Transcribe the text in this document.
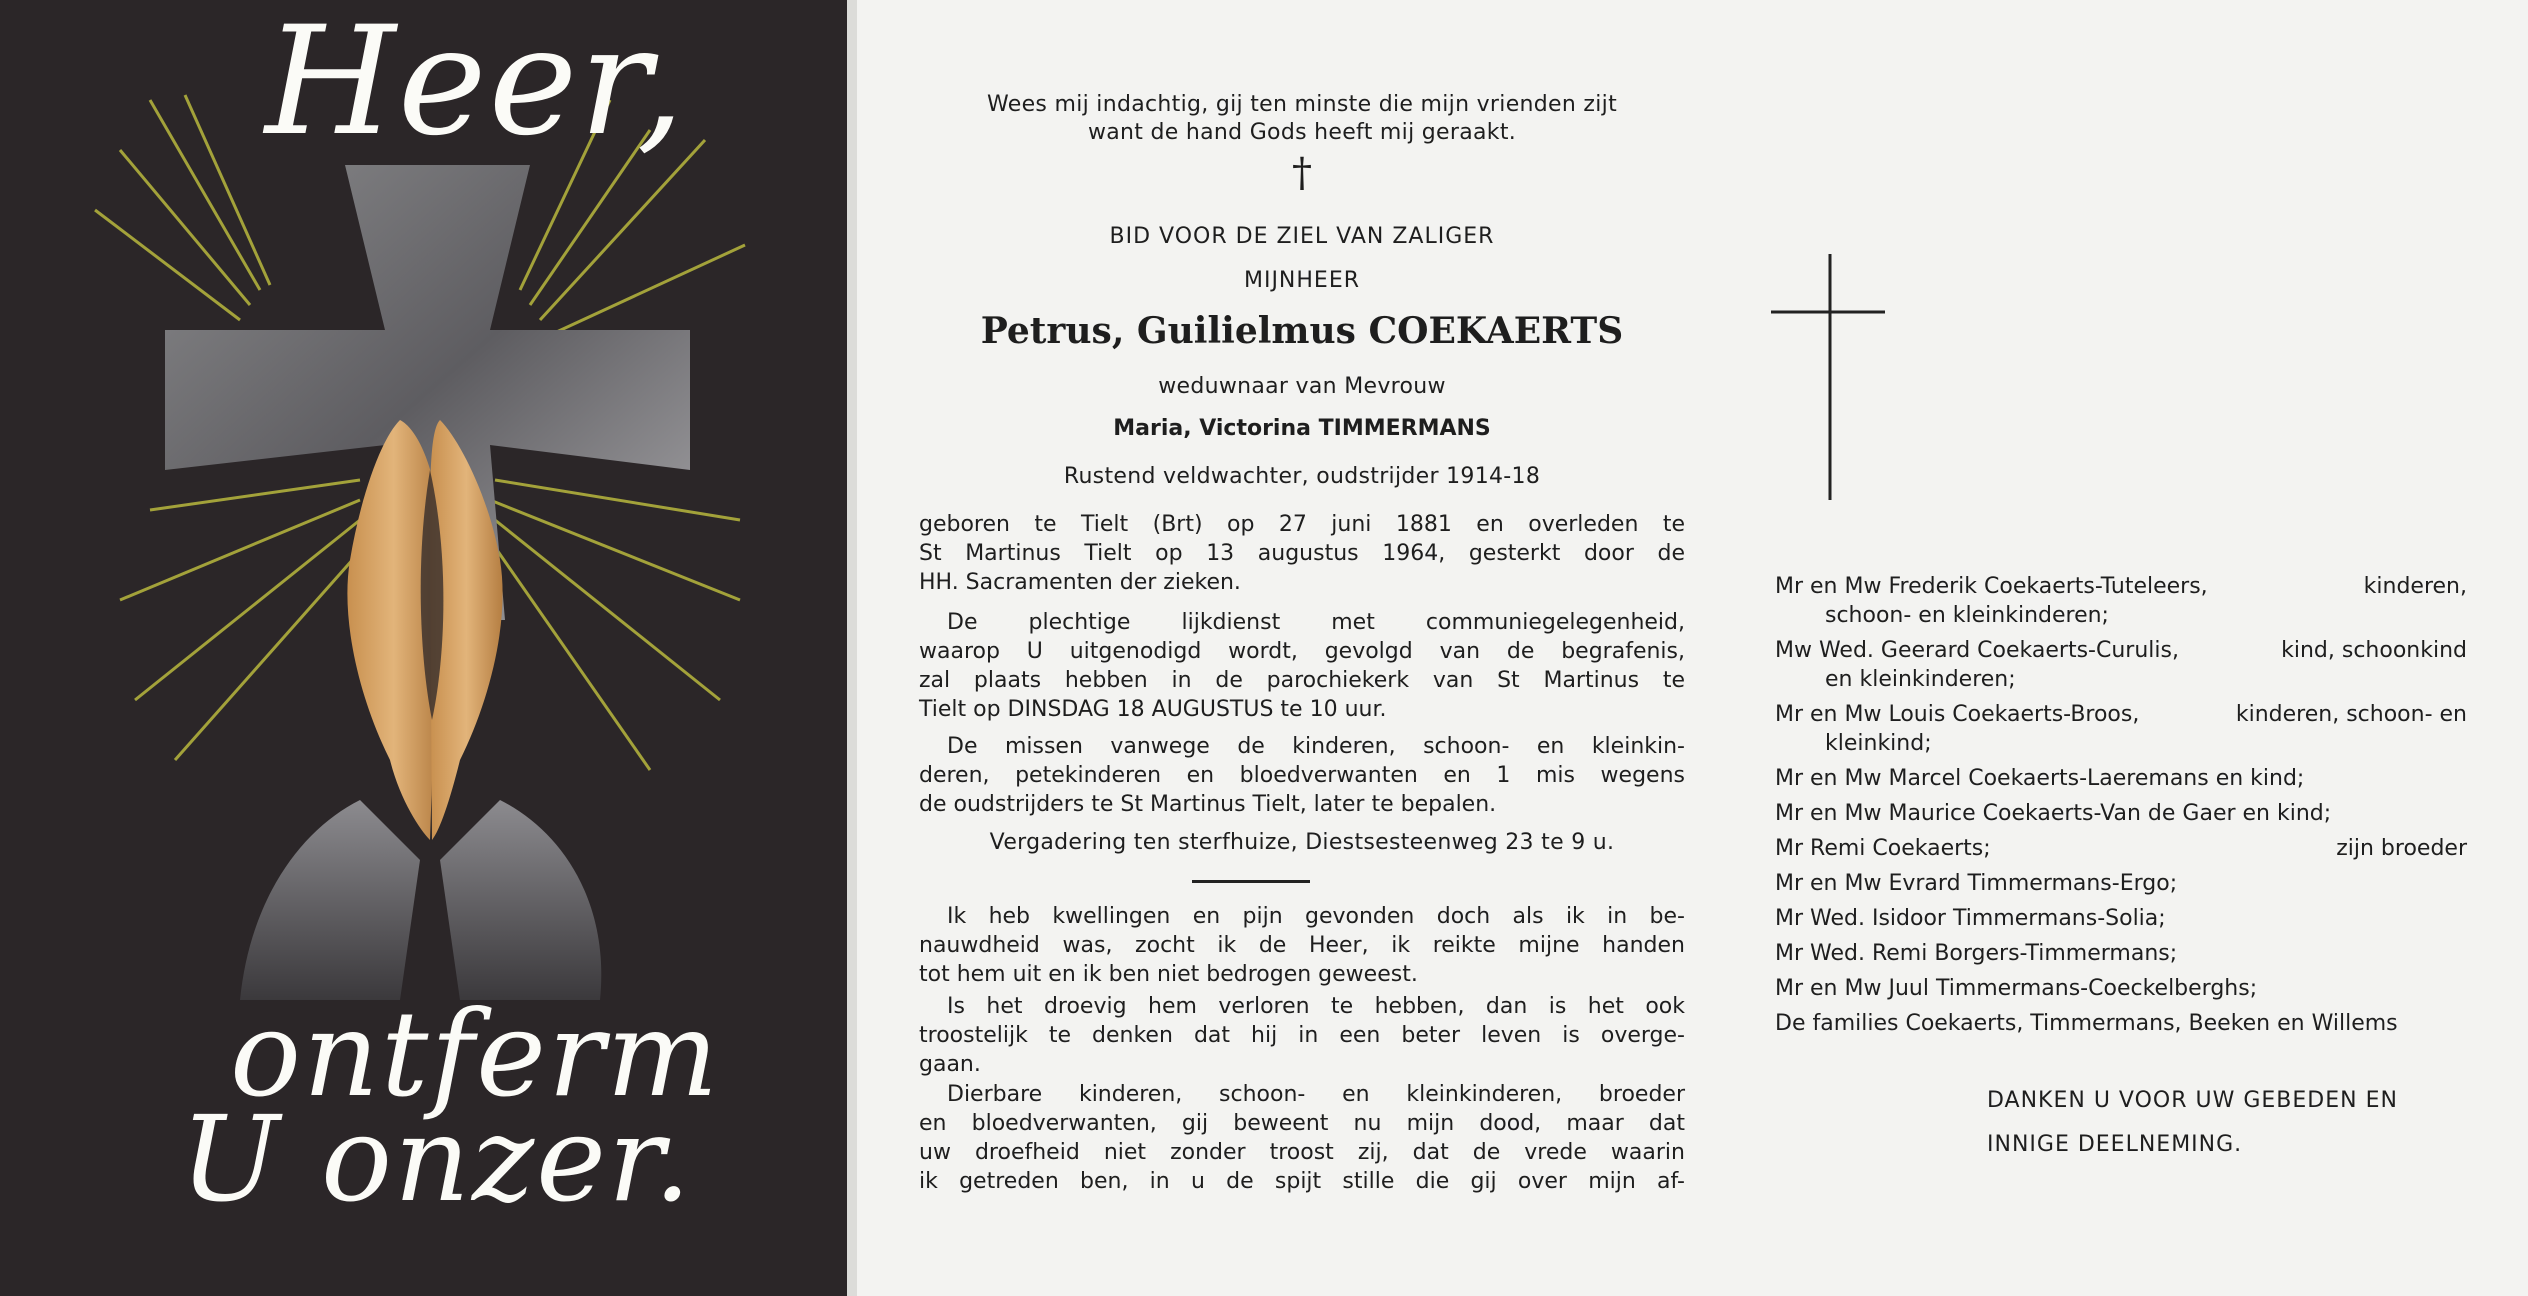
Heer,
ontferm
U onzer.
Wees mij indachtig, gij ten minste die mijn vrienden zijt
want de hand Gods heeft mij geraakt.
†
BID VOOR DE ZIEL VAN ZALIGER
MIJNHEER
Petrus, Guilielmus COEKAERTS
weduwnaar van Mevrouw
Maria, Victorina TIMMERMANS
Rustend veldwachter, oudstrijder 1914-18
geboren te Tielt (Brt) op 27 juni 1881 en overleden te
St Martinus Tielt op 13 augustus 1964, gesterkt door de
HH. Sacramenten der zieken.
De plechtige lijkdienst met communiegelegenheid,
waarop U uitgenodigd wordt, gevolgd van de begrafenis,
zal plaats hebben in de parochiekerk van St Martinus te
Tielt op DINSDAG 18 AUGUSTUS te 10 uur.
De missen vanwege de kinderen, schoon- en kleinkin-
deren, petekinderen en bloedverwanten en 1 mis wegens
de oudstrijders te St Martinus Tielt, later te bepalen.
Vergadering ten sterfhuize, Diestsesteenweg 23 te 9 u.
Ik heb kwellingen en pijn gevonden doch als ik in be-
nauwdheid was, zocht ik de Heer, ik reikte mijne handen
tot hem uit en ik ben niet bedrogen geweest.
Is het droevig hem verloren te hebben, dan is het ook
troostelijk te denken dat hij in een beter leven is overge-
gaan.
Dierbare kinderen, schoon- en kleinkinderen, broeder
en bloedverwanten, gij beweent nu mijn dood, maar dat
uw droefheid niet zonder troost zij, dat de vrede waarin
ik getreden ben, in u de spijt stille die gij over mijn af-
Mr en Mw Frederik Coekaerts-Tuteleers,	kinderen,
schoon- en kleinkinderen;
Mw Wed. Geerard Coekaerts-Curulis,	kind, schoonkind
en kleinkinderen;
Mr en Mw Louis Coekaerts-Broos,	kinderen, schoon- en
kleinkind;
Mr en Mw Marcel Coekaerts-Laeremans en kind;
Mr en Mw Maurice Coekaerts-Van de Gaer en kind;
Mr Remi Coekaerts;	zijn broeder
Mr en Mw Evrard Timmermans-Ergo;
Mr Wed. Isidoor Timmermans-Solia;
Mr Wed. Remi Borgers-Timmermans;
Mr en Mw Juul Timmermans-Coeckelberghs;
De families Coekaerts, Timmermans, Beeken en Willems
DANKEN U VOOR UW GEBEDEN EN
INNIGE DEELNEMING.
